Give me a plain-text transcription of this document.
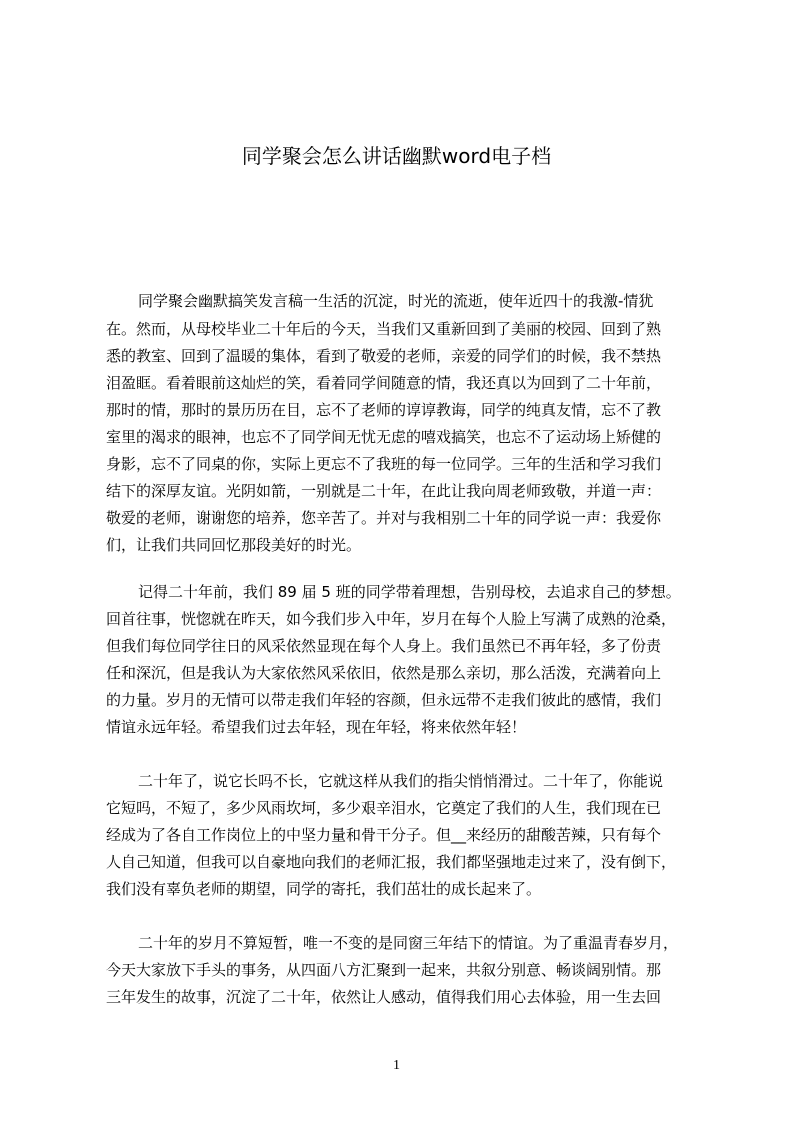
同学聚会怎么讲话幽默word电子档
同学聚会幽默搞笑发言稿一生活的沉淀，时光的流逝，使年近四十的我激-情犹
在。然而，从母校毕业二十年后的今天，当我们又重新回到了美丽的校园、回到了熟
悉的教室、回到了温暖的集体，看到了敬爱的老师，亲爱的同学们的时候，我不禁热
泪盈眶。看着眼前这灿烂的笑，看着同学间随意的情，我还真以为回到了二十年前，
那时的情，那时的景历历在目，忘不了老师的谆谆教诲，同学的纯真友情，忘不了教
室里的渴求的眼神，也忘不了同学间无忧无虑的嘻戏搞笑，也忘不了运动场上矫健的
身影，忘不了同桌的你，实际上更忘不了我班的每一位同学。三年的生活和学习我们
结下的深厚友谊。光阴如箭，一别就是二十年，在此让我向周老师致敬，并道一声：
敬爱的老师，谢谢您的培养，您辛苦了。并对与我相别二十年的同学说一声：我爱你
们，让我们共同回忆那段美好的时光。
记得二十年前，我们 89 届 5 班的同学带着理想，告别母校，去追求自己的梦想。
回首往事，恍惚就在昨天，如今我们步入中年，岁月在每个人脸上写满了成熟的沧桑，
但我们每位同学往日的风采依然显现在每个人身上。我们虽然已不再年轻，多了份责
任和深沉，但是我认为大家依然风采依旧，依然是那么亲切，那么活泼，充满着向上
的力量。岁月的无情可以带走我们年轻的容颜，但永远带不走我们彼此的感情，我们
情谊永远年轻。希望我们过去年轻，现在年轻，将来依然年轻！
二十年了，说它长吗不长，它就这样从我们的指尖悄悄滑过。二十年了，你能说
它短吗，不短了，多少风雨坎坷，多少艰辛泪水，它奠定了我们的人生，我们现在已
经成为了各自工作岗位上的中坚力量和骨干分子。但__来经历的甜酸苦辣，只有每个
人自己知道，但我可以自豪地向我们的老师汇报，我们都坚强地走过来了，没有倒下，
我们没有辜负老师的期望，同学的寄托，我们茁壮的成长起来了。
二十年的岁月不算短暂，唯一不变的是同窗三年结下的情谊。为了重温青春岁月，
今天大家放下手头的事务，从四面八方汇聚到一起来，共叙分别意、畅谈阔别情。那
三年发生的故事，沉淀了二十年，依然让人感动，值得我们用心去体验，用一生去回
1
